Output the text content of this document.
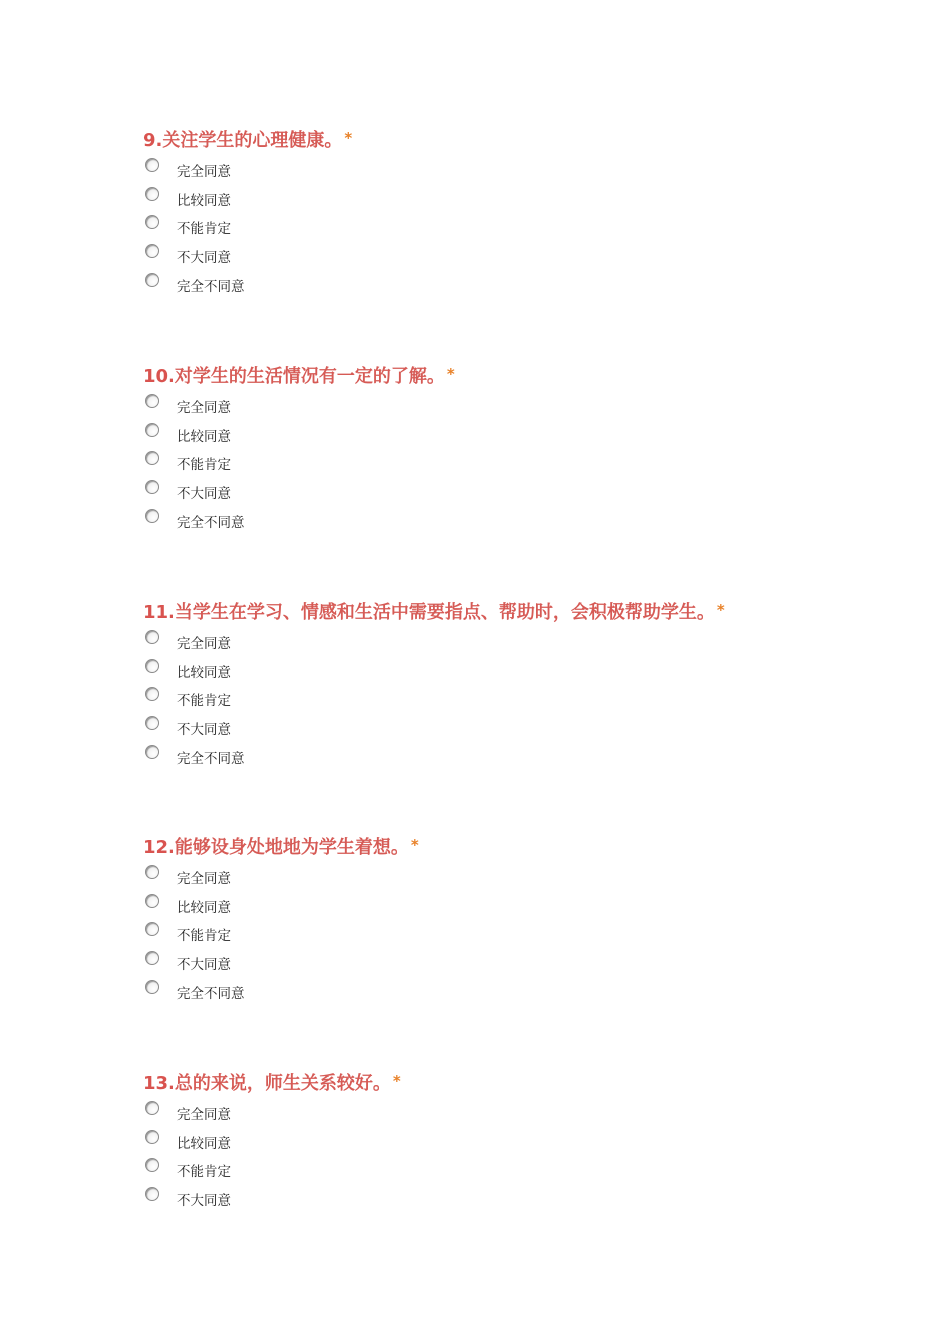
9.关注学生的心理健康。 *
完全同意
比较同意
不能肯定
不大同意
完全不同意
10.对学生的生活情况有一定的了解。 *
完全同意
比较同意
不能肯定
不大同意
完全不同意
11.当学生在学习、情感和生活中需要指点、帮助时，会积极帮助学生。 *
完全同意
比较同意
不能肯定
不大同意
完全不同意
12.能够设身处地地为学生着想。 *
完全同意
比较同意
不能肯定
不大同意
完全不同意
13.总的来说，师生关系较好。 *
完全同意
比较同意
不能肯定
不大同意
